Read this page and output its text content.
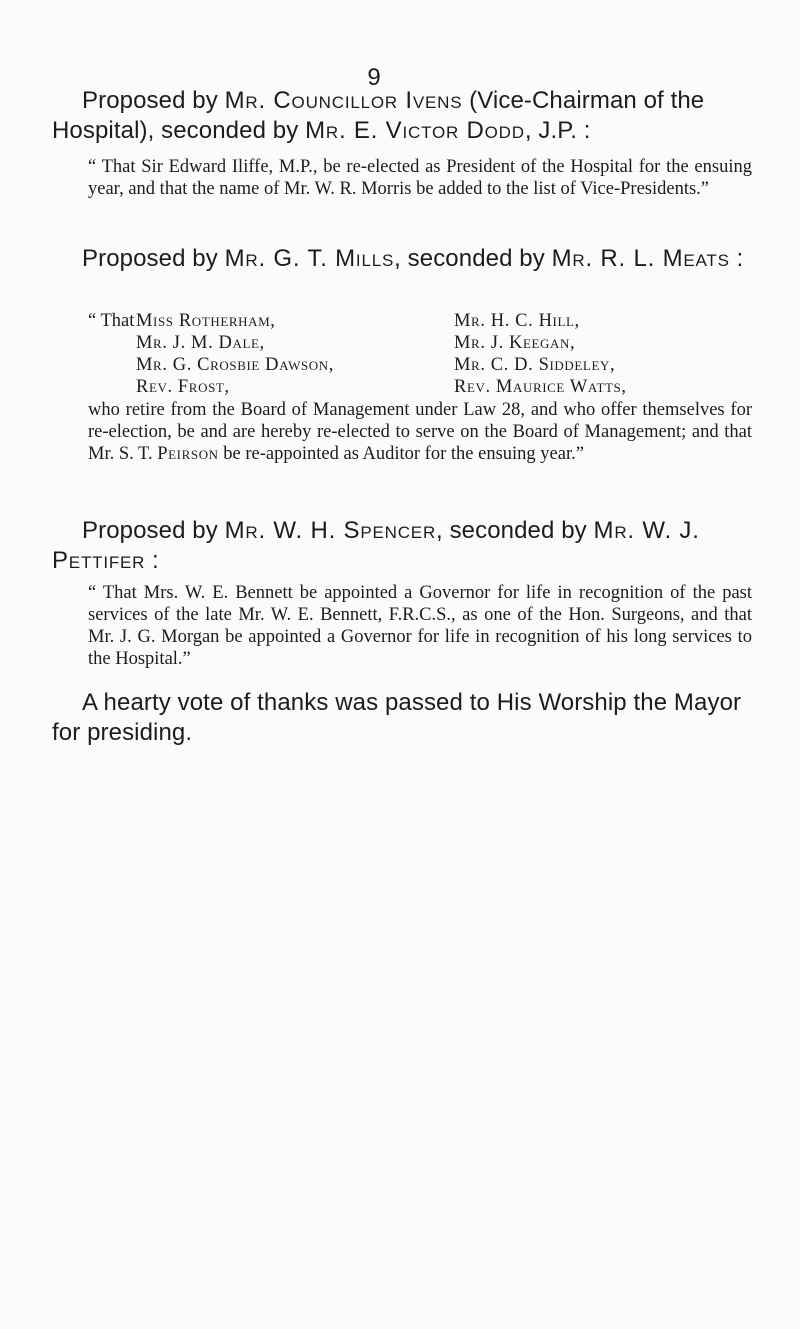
9

Proposed by Mr. Councillor Ivens (Vice-Chairman of the Hospital), seconded by Mr. E. Victor Dodd, J.P. :

“ That Sir Edward Iliffe, M.P., be re-elected as President of the Hospital for the ensuing year, and that the name of Mr. W. R. Morris be added to the list of Vice-Presidents.”

Proposed by Mr. G. T. Mills, seconded by Mr. R. L. Meats :

“ That Miss Rotherham,
Mr. J. M. Dale,
Mr. G. Crosbie Dawson,
Rev. Frost,
Mr. H. C. Hill,
Mr. J. Keegan,
Mr. C. D. Siddeley,
Rev. Maurice Watts,

who retire from the Board of Management under Law 28, and who offer themselves for re-election, be and are hereby re-elected to serve on the Board of Management; and that Mr. S. T. Peirson be re-appointed as Auditor for the ensuing year.”

Proposed by Mr. W. H. Spencer, seconded by Mr. W. J. Pettifer :

“ That Mrs. W. E. Bennett be appointed a Governor for life in recognition of the past services of the late Mr. W. E. Bennett, F.R.C.S., as one of the Hon. Surgeons, and that Mr. J. G. Morgan be appointed a Governor for life in recognition of his long services to the Hospital.”

A hearty vote of thanks was passed to His Worship the Mayor for presiding.
